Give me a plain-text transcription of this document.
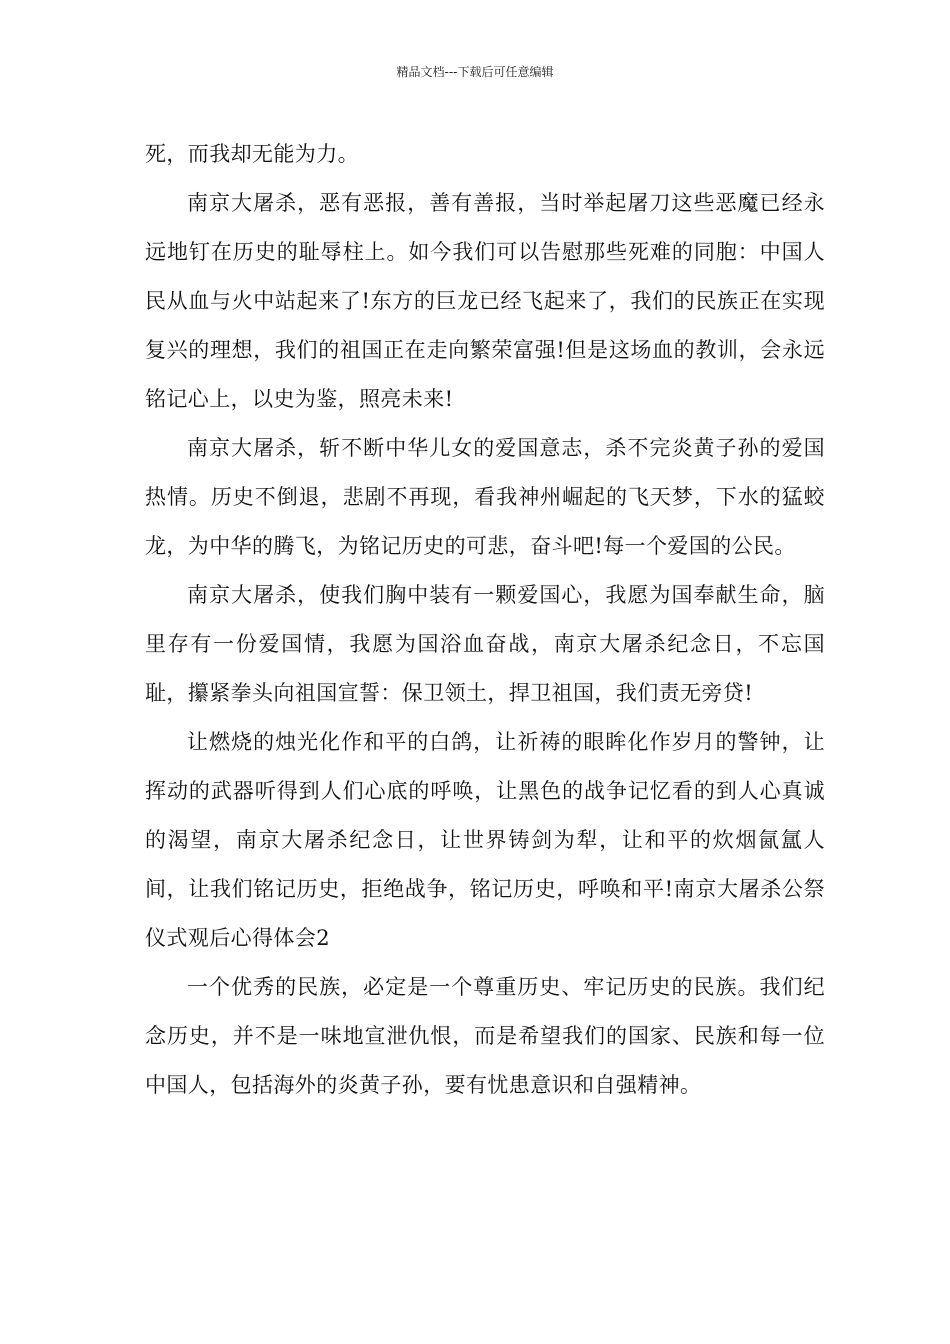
精品文档---下载后可任意编辑

死，而我却无能为力。

南京大屠杀，恶有恶报，善有善报，当时举起屠刀这些恶魔已经永远地钉在历史的耻辱柱上。如今我们可以告慰那些死难的同胞：中国人民从血与火中站起来了!东方的巨龙已经飞起来了，我们的民族正在实现复兴的理想，我们的祖国正在走向繁荣富强!但是这场血的教训，会永远铭记心上，以史为鉴，照亮未来!

南京大屠杀，斩不断中华儿女的爱国意志，杀不完炎黄子孙的爱国热情。历史不倒退，悲剧不再现，看我神州崛起的飞天梦，下水的猛蛟龙，为中华的腾飞，为铭记历史的可悲，奋斗吧!每一个爱国的公民。

南京大屠杀，使我们胸中装有一颗爱国心，我愿为国奉献生命，脑里存有一份爱国情，我愿为国浴血奋战，南京大屠杀纪念日，不忘国耻，攥紧拳头向祖国宣誓：保卫领土，捍卫祖国，我们责无旁贷!

让燃烧的烛光化作和平的白鸽，让祈祷的眼眸化作岁月的警钟，让挥动的武器听得到人们心底的呼唤，让黑色的战争记忆看的到人心真诚的渴望，南京大屠杀纪念日，让世界铸剑为犁，让和平的炊烟氤氲人间，让我们铭记历史，拒绝战争，铭记历史，呼唤和平!南京大屠杀公祭仪式观后心得体会2

一个优秀的民族，必定是一个尊重历史、牢记历史的民族。我们纪念历史，并不是一味地宣泄仇恨，而是希望我们的国家、民族和每一位中国人，包括海外的炎黄子孙，要有忧患意识和自强精神。
